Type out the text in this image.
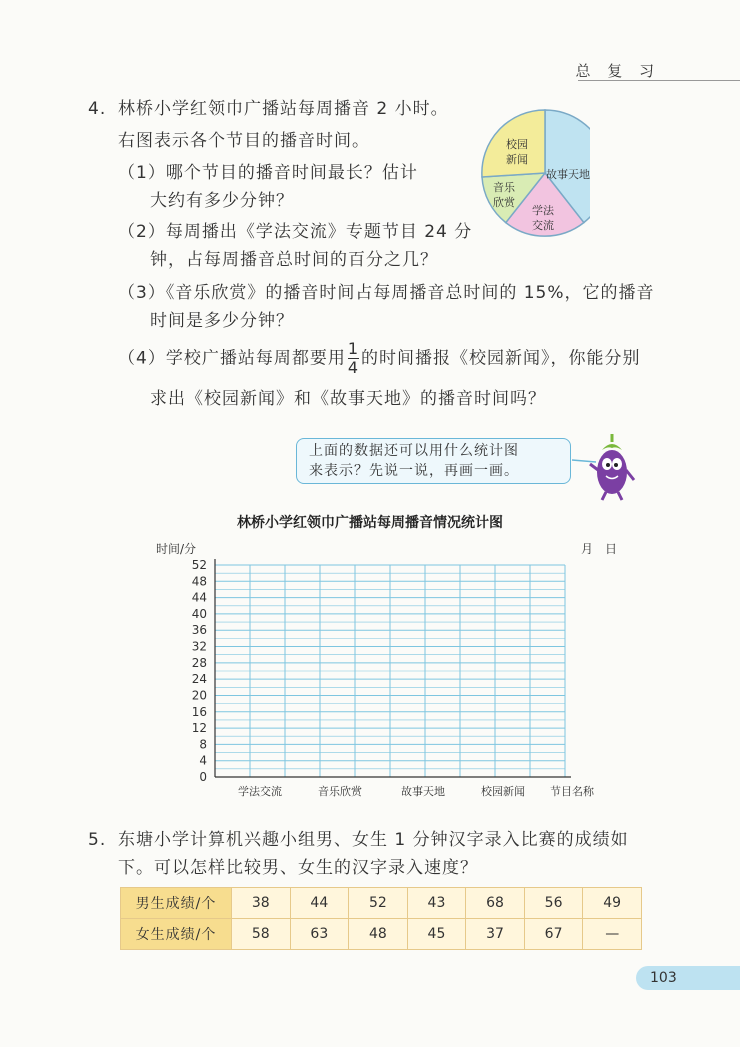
总 复 习
4. 林桥小学红领巾广播站每周播音 2 小时。
右图表示各个节目的播音时间。
（1）哪个节目的播音时间最长？估计
大约有多少分钟？
（2）每周播出《学法交流》专题节目 24 分
钟，占每周播音总时间的百分之几？
（3）《音乐欣赏》的播音时间占每周播音总时间的 15%，它的播音
时间是多少分钟？
（4）学校广播站每周都要用 $\frac{1}{4}$ 的时间播报《校园新闻》，你能分别
求出《校园新闻》和《故事天地》的播音时间吗？
校园
新闻
故事天地
音乐
欣赏
学法
交流
上面的数据还可以用什么统计图
来表示？先说一说，再画一画。
林桥小学红领巾广播站每周播音情况统计图
时间/分	月　日
0
4
8
12
16
20
24
28
32
36
40
44
48
52
学法交流	音乐欣赏	故事天地	校园新闻 节目名称
5. 东塘小学计算机兴趣小组男、女生 1 分钟汉字录入比赛的成绩如
下。可以怎样比较男、女生的汉字录入速度？
男生成绩/个	38	44	52	43	68	56	49
女生成绩/个	58	63	48	45	37	67	—
103
